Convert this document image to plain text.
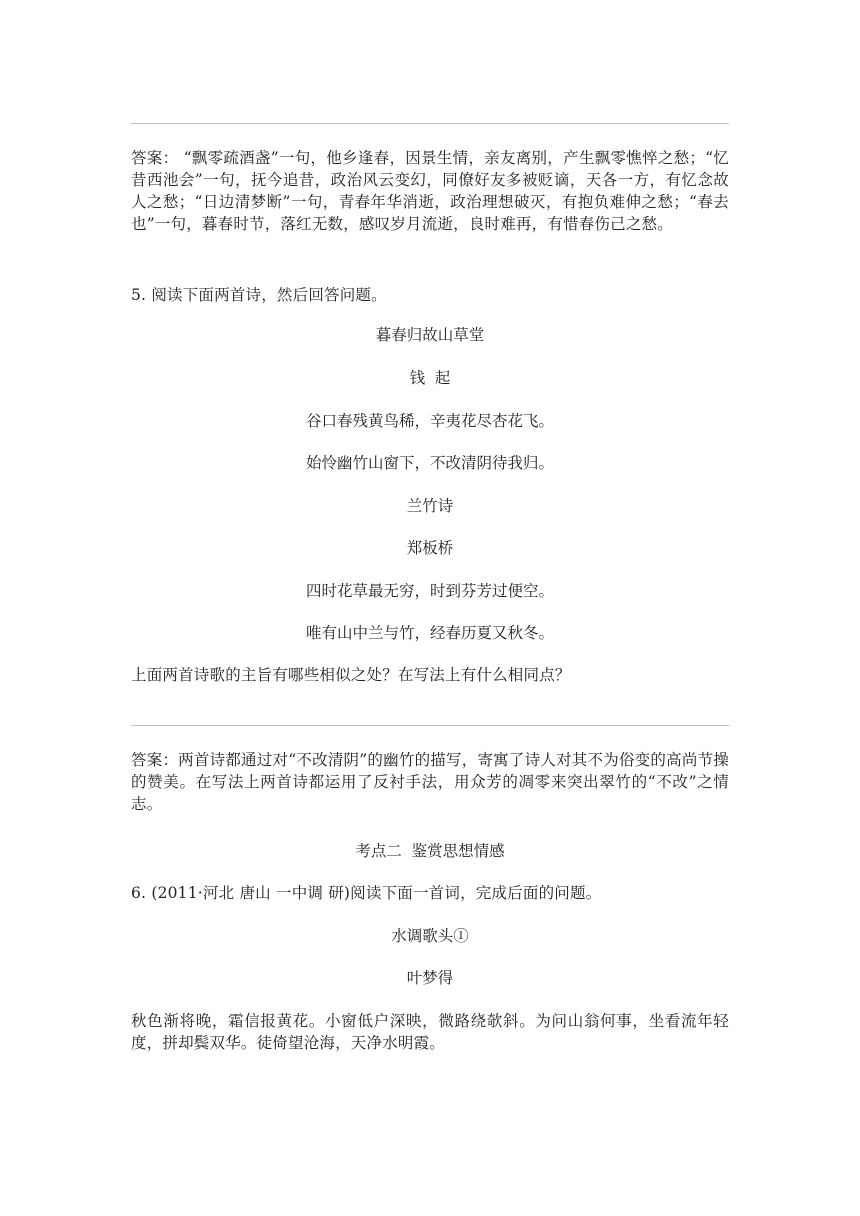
答案： “飘零疏酒盏”一句，他乡逢春，因景生情，亲友离别，产生飘零憔悴之愁；“忆昔西池会”一句，抚今追昔，政治风云变幻，同僚好友多被贬谪，天各一方，有忆念故人之愁；“日边清梦断”一句，青春年华消逝，政治理想破灭，有抱负难伸之愁；“春去也”一句，暮春时节，落红无数，感叹岁月流逝，良时难再，有惜春伤己之愁。

5. 阅读下面两首诗，然后回答问题。

暮春归故山草堂

钱  起

谷口春残黄鸟稀，辛夷花尽杏花飞。

始怜幽竹山窗下，不改清阴待我归。

兰竹诗

郑板桥

四时花草最无穷，时到芬芳过便空。

唯有山中兰与竹，经春历夏又秋冬。

上面两首诗歌的主旨有哪些相似之处？在写法上有什么相同点？

答案：两首诗都通过对“不改清阴”的幽竹的描写，寄寓了诗人对其不为俗变的高尚节操的赞美。在写法上两首诗都运用了反衬手法，用众芳的凋零来突出翠竹的“不改”之情志。

考点二  鉴赏思想情感

6. (2011·河北 唐山 一中调 研)阅读下面一首词，完成后面的问题。

水调歌头①

叶梦得

秋色渐将晚，霜信报黄花。小窗低户深映，微路绕欹斜。为问山翁何事，坐看流年轻度，拼却鬓双华。徒倚望沧海，天净水明霞。
